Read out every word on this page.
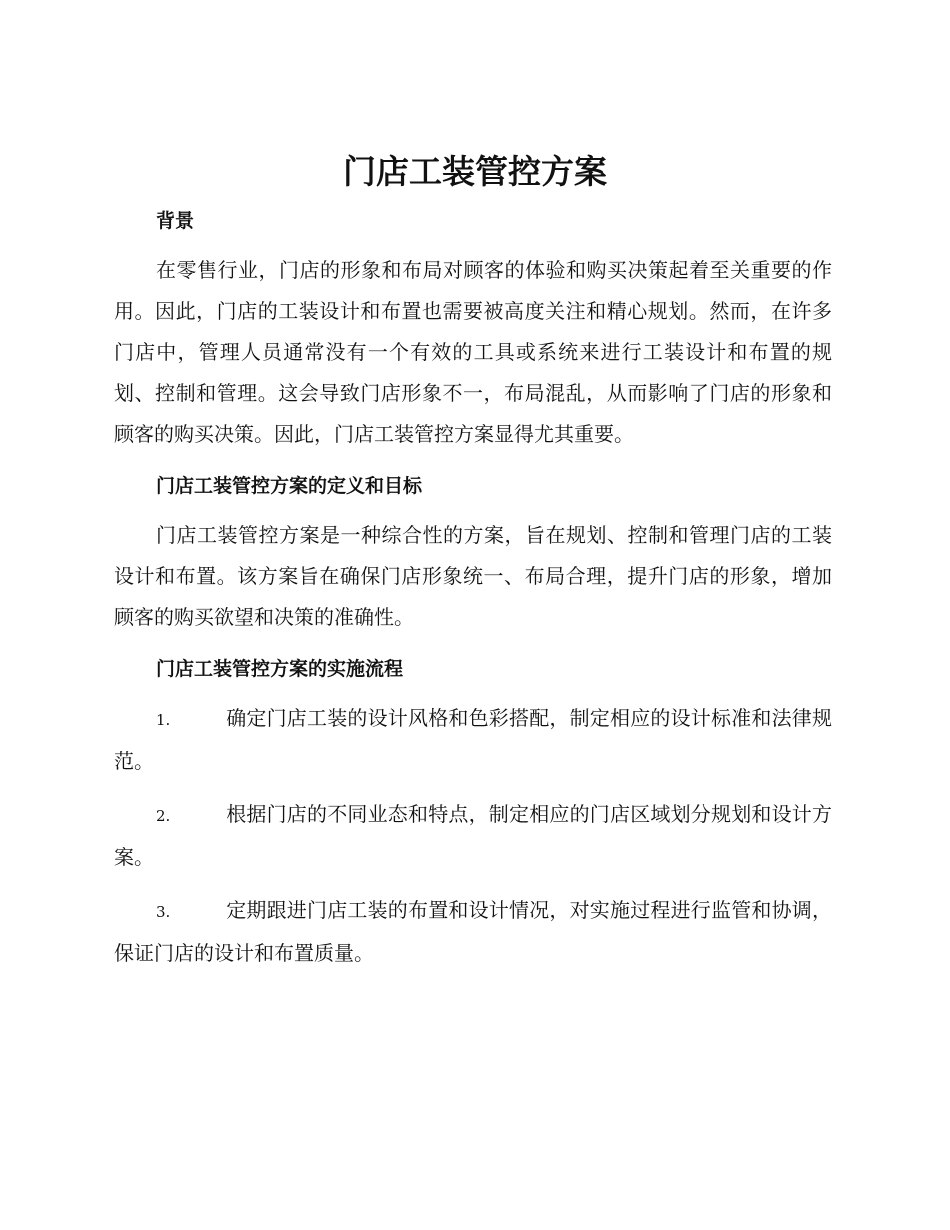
门店工装管控方案
背景

在零售行业，门店的形象和布局对顾客的体验和购买决策起着至关重要的作用。因此，门店的工装设计和布置也需要被高度关注和精心规划。然而，在许多门店中，管理人员通常没有一个有效的工具或系统来进行工装设计和布置的规划、控制和管理。这会导致门店形象不一，布局混乱，从而影响了门店的形象和顾客的购买决策。因此，门店工装管控方案显得尤其重要。

门店工装管控方案的定义和目标

门店工装管控方案是一种综合性的方案，旨在规划、控制和管理门店的工装设计和布置。该方案旨在确保门店形象统一、布局合理，提升门店的形象，增加顾客的购买欲望和决策的准确性。

门店工装管控方案的实施流程

1.	确定门店工装的设计风格和色彩搭配，制定相应的设计标准和法律规范。

2.	根据门店的不同业态和特点，制定相应的门店区域划分规划和设计方案。

3.	定期跟进门店工装的布置和设计情况，对实施过程进行监管和协调，保证门店的设计和布置质量。
